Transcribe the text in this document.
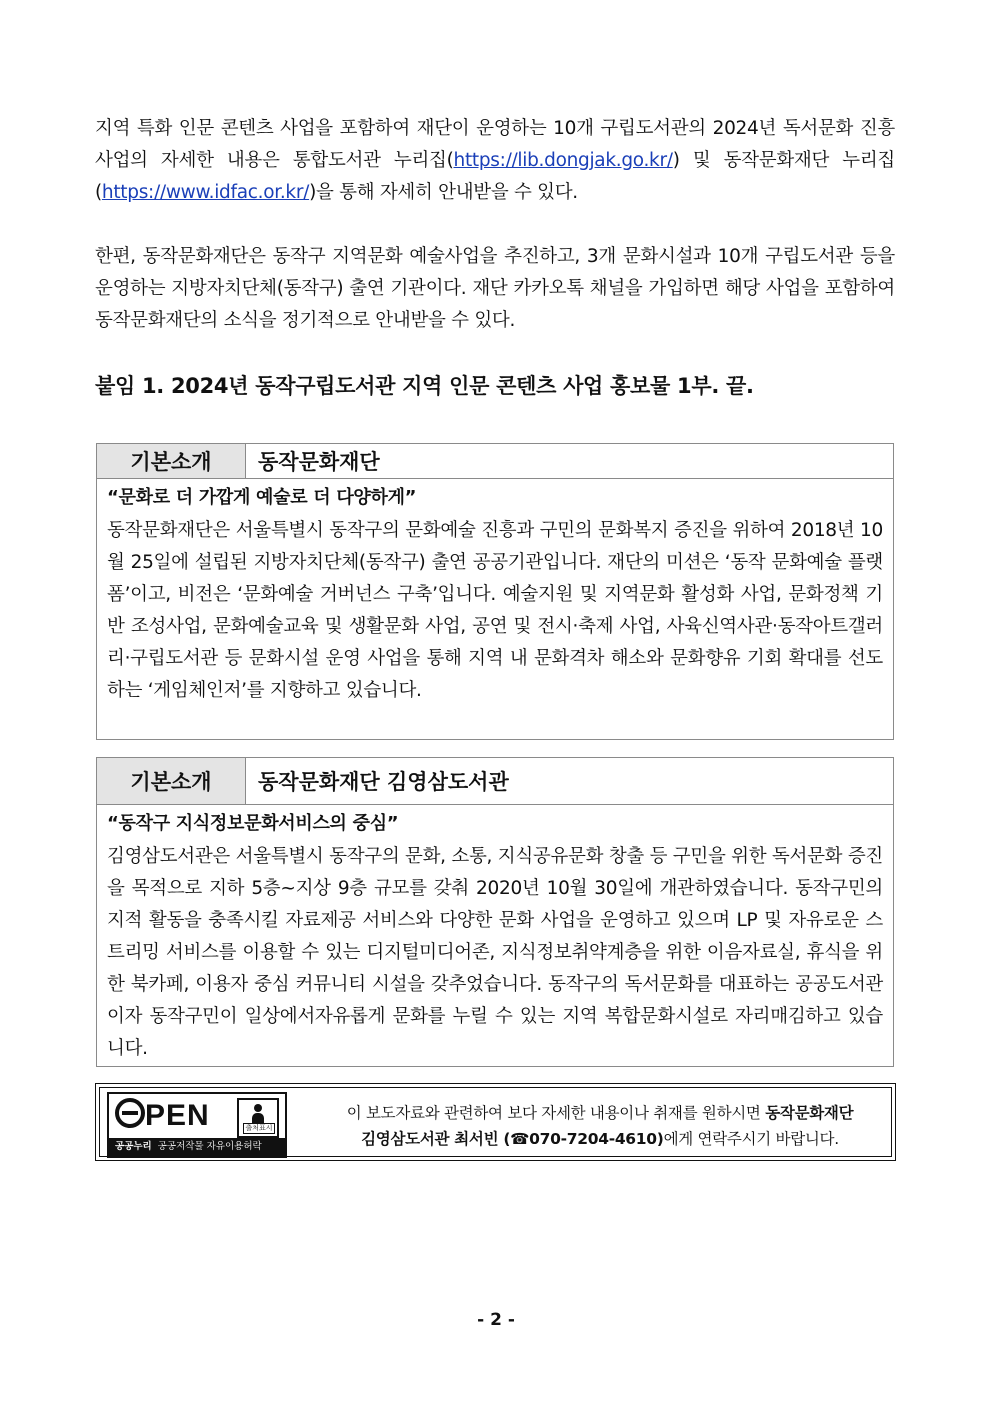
지역 특화 인문 콘텐츠 사업을 포함하여 재단이 운영하는 10개 구립도서관의 2024년 독서문화 진흥사업의 자세한 내용은 통합도서관 누리집(https://lib.dongjak.go.kr/) 및 동작문화재단 누리집 (https://www.idfac.or.kr/)을 통해 자세히 안내받을 수 있다.

한편, 동작문화재단은 동작구 지역문화 예술사업을 추진하고, 3개 문화시설과 10개 구립도서관 등을 운영하는 지방자치단체(동작구) 출연 기관이다. 재단 카카오톡 채널을 가입하면 해당 사업을 포함하여 동작문화재단의 소식을 정기적으로 안내받을 수 있다.

붙임 1. 2024년 동작구립도서관 지역 인문 콘텐츠 사업 홍보물 1부. 끝.

기본소개	동작문화재단
“문화로 더 가깝게 예술로 더 다양하게”
동작문화재단은 서울특별시 동작구의 문화예술 진흥과 구민의 문화복지 증진을 위하여 2018년 10월 25일에 설립된 지방자치단체(동작구) 출연 공공기관입니다. 재단의 미션은 ‘동작 문화예술 플랫폼’이고, 비전은 ‘문화예술 거버넌스 구축’입니다. 예술지원 및 지역문화 활성화 사업, 문화정책 기반 조성사업, 문화예술교육 및 생활문화 사업, 공연 및 전시·축제 사업, 사육신역사관·동작아트갤러리·구립도서관 등 문화시설 운영 사업을 통해 지역 내 문화격차 해소와 문화향유 기회 확대를 선도하는 ‘게임체인저’를 지향하고 있습니다.
기본소개	동작문화재단 김영삼도서관
“동작구 지식정보문화서비스의 중심”
김영삼도서관은 서울특별시 동작구의 문화, 소통, 지식공유문화 창출 등 구민을 위한 독서문화 증진을 목적으로 지하 5층~지상 9층 규모를 갖춰 2020년 10월 30일에 개관하였습니다. 동작구민의 지적 활동을 충족시킬 자료제공 서비스와 다양한 문화 사업을 운영하고 있으며 LP 및 자유로운 스트리밍 서비스를 이용할 수 있는 디지털미디어존, 지식정보취약계층을 위한 이음자료실, 휴식을 위한 북카페, 이용자 중심 커뮤니티 시설을 갖추었습니다. 동작구의 독서문화를 대표하는 공공도서관이자 동작구민이 일상에서자유롭게 문화를 누릴 수 있는 지역 복합문화시설로 자리매김하고 있습니다.
PEN	출처표시
공공누리 공공저작물 자유이용허락
이 보도자료와 관련하여 보다 자세한 내용이나 취재를 원하시면 동작문화재단
김영삼도서관 최서빈 (☎070-7204-4610)에게 연락주시기 바랍니다.
- 2 -
